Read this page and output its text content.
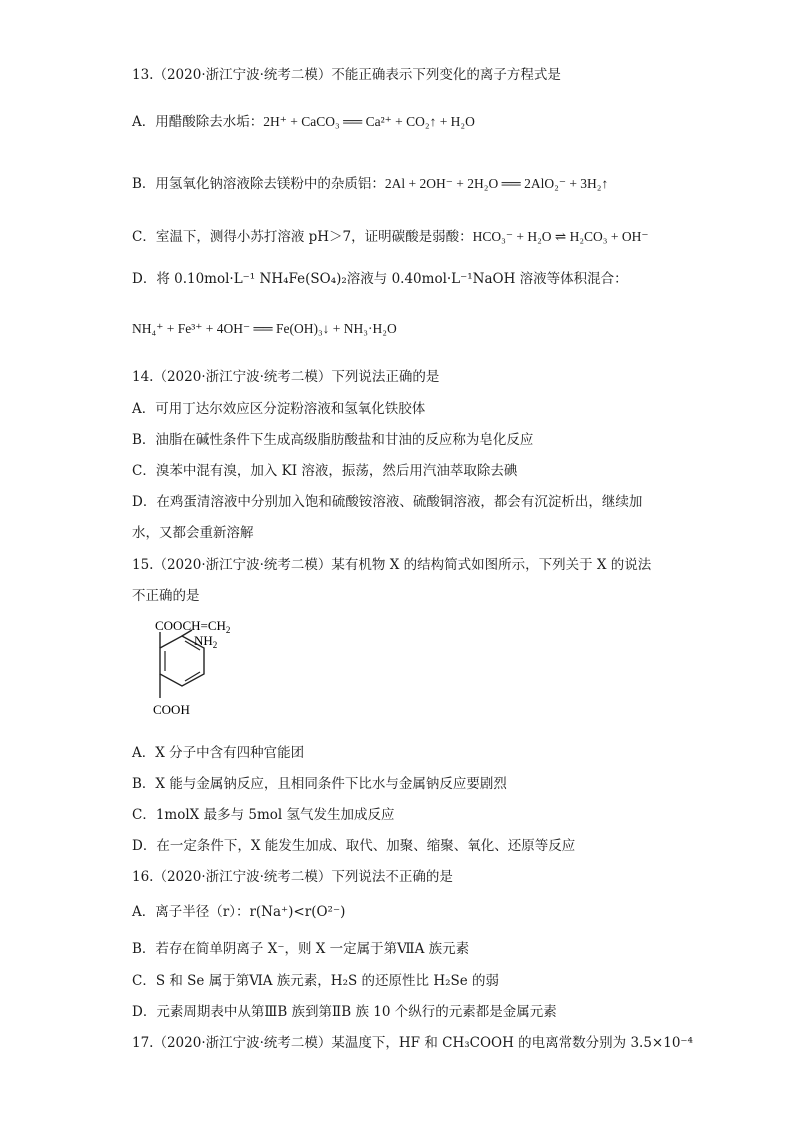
13.（2020·浙江宁波·统考二模）不能正确表示下列变化的离子方程式是
A．用醋酸除去水垢：2H⁺ + CaCO₃ ══ Ca²⁺ + CO₂↑ + H₂O
B．用氢氧化钠溶液除去镁粉中的杂质铝：2Al + 2OH⁻ + 2H₂O ══ 2AlO₂⁻ + 3H₂↑
C．室温下，测得小苏打溶液 pH＞7，证明碳酸是弱酸：HCO₃⁻ + H₂O ⇌ H₂CO₃ + OH⁻
D．将 0.10mol·L⁻¹ NH₄Fe(SO₄)₂溶液与 0.40mol·L⁻¹NaOH 溶液等体积混合：
NH₄⁺ + Fe³⁺ + 4OH⁻ ══ Fe(OH)₃↓ + NH₃·H₂O
14.（2020·浙江宁波·统考二模）下列说法正确的是
A．可用丁达尔效应区分淀粉溶液和氢氧化铁胶体
B．油脂在碱性条件下生成高级脂肪酸盐和甘油的反应称为皂化反应
C．溴苯中混有溴，加入 KI 溶液，振荡，然后用汽油萃取除去碘
D．在鸡蛋清溶液中分别加入饱和硫酸铵溶液、硫酸铜溶液，都会有沉淀析出，继续加
水，又都会重新溶解
15.（2020·浙江宁波·统考二模）某有机物 X 的结构简式如图所示，下列关于 X 的说法
不正确的是
$COOCH=CH_2$
$NH_2$
COOH
A．X 分子中含有四种官能团
B．X 能与金属钠反应，且相同条件下比水与金属钠反应要剧烈
C．1molX 最多与 5mol 氢气发生加成反应
D．在一定条件下，X 能发生加成、取代、加聚、缩聚、氧化、还原等反应
16.（2020·浙江宁波·统考二模）下列说法不正确的是
A．离子半径（r）：r(Na⁺)<r(O²⁻)
B．若存在简单阴离子 X⁻，则 X 一定属于第ⅦA 族元素
C．S 和 Se 属于第ⅥA 族元素，H₂S 的还原性比 H₂Se 的弱
D．元素周期表中从第ⅢB 族到第ⅡB 族 10 个纵行的元素都是金属元素
17.（2020·浙江宁波·统考二模）某温度下，HF 和 CH₃COOH 的电离常数分别为 3.5×10⁻⁴
